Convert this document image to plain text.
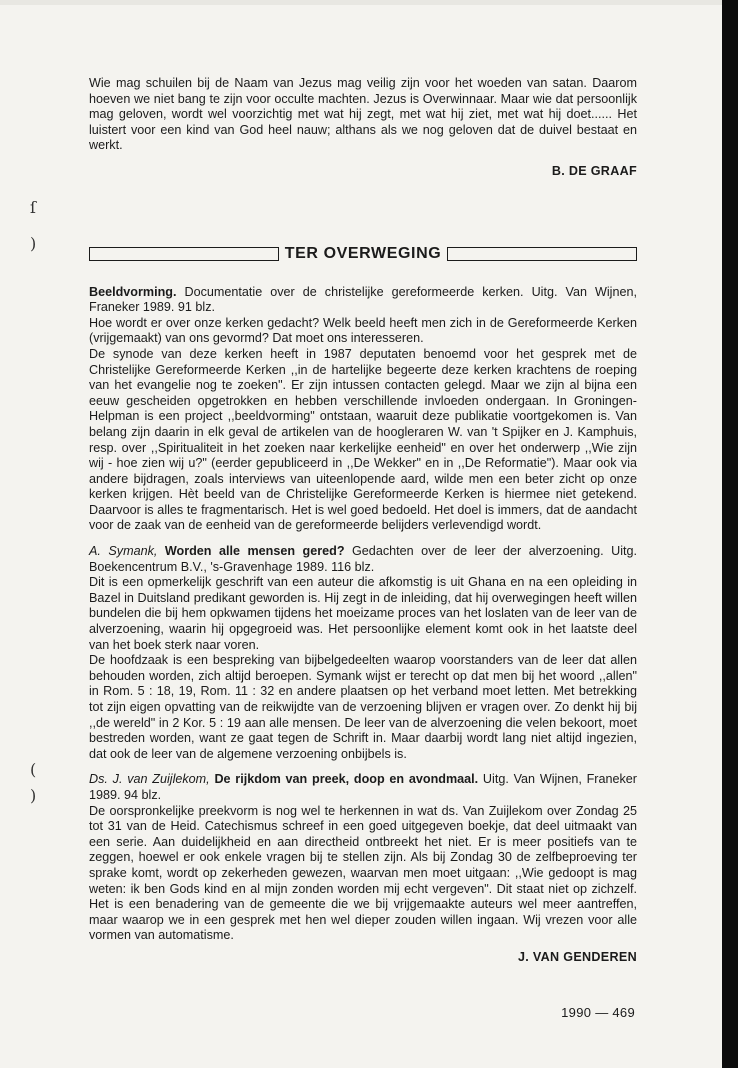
ſ
)
(
)

Wie mag schuilen bij de Naam van Jezus mag veilig zijn voor het woeden van satan. Daarom hoeven we niet bang te zijn voor occulte machten. Jezus is Overwinnaar. Maar wie dat persoonlijk mag geloven, wordt wel voorzichtig met wat hij zegt, met wat hij ziet, met wat hij doet...... Het luistert voor een kind van God heel nauw; althans als we nog geloven dat de duivel bestaat en werkt.

B. DE GRAAF

TER OVERWEGING

Beeldvorming. Documentatie over de christelijke gereformeerde kerken. Uitg. Van Wijnen, Franeker 1989. 91 blz.

Hoe wordt er over onze kerken gedacht? Welk beeld heeft men zich in de Gereformeerde Kerken (vrijgemaakt) van ons gevormd? Dat moet ons interesseren.

De synode van deze kerken heeft in 1987 deputaten benoemd voor het gesprek met de Christelijke Gereformeerde Kerken ,,in de hartelijke begeerte deze kerken krachtens de roeping van het evangelie nog te zoeken". Er zijn intussen contacten gelegd. Maar we zijn al bijna een eeuw gescheiden opgetrokken en hebben verschillende invloeden ondergaan. In Groningen-Helpman is een project ,,beeldvorming" ontstaan, waaruit deze publikatie voortgekomen is. Van belang zijn daarin in elk geval de artikelen van de hoogleraren W. van 't Spijker en J. Kamphuis, resp. over ,,Spiritualiteit in het zoeken naar kerkelijke eenheid" en over het onderwerp ,,Wie zijn wij - hoe zien wij u?" (eerder gepubliceerd in ,,De Wekker" en in ,,De Reformatie"). Maar ook via andere bijdragen, zoals interviews van uiteenlopende aard, wilde men een beter zicht op onze kerken krijgen. Hèt beeld van de Christelijke Gereformeerde Kerken is hiermee niet getekend. Daarvoor is alles te fragmentarisch. Het is wel goed bedoeld. Het doel is immers, dat de aandacht voor de zaak van de eenheid van de gereformeerde belijders verlevendigd wordt.

A. Symank, Worden alle mensen gered? Gedachten over de leer der alverzoening. Uitg. Boekencentrum B.V., 's-Gravenhage 1989. 116 blz.

Dit is een opmerkelijk geschrift van een auteur die afkomstig is uit Ghana en na een opleiding in Bazel in Duitsland predikant geworden is. Hij zegt in de inleiding, dat hij overwegingen heeft willen bundelen die bij hem opkwamen tijdens het moeizame proces van het loslaten van de leer van de alverzoening, waarin hij opgegroeid was. Het persoonlijke element komt ook in het laatste deel van het boek sterk naar voren.

De hoofdzaak is een bespreking van bijbelgedeelten waarop voorstanders van de leer dat allen behouden worden, zich altijd beroepen. Symank wijst er terecht op dat men bij het woord ,,allen" in Rom. 5 : 18, 19, Rom. 11 : 32 en andere plaatsen op het verband moet letten. Met betrekking tot zijn eigen opvatting van de reikwijdte van de verzoening blijven er vragen over. Zo denkt hij bij ,,de wereld" in 2 Kor. 5 : 19 aan alle mensen. De leer van de alverzoening die velen bekoort, moet bestreden worden, want ze gaat tegen de Schrift in. Maar daarbij wordt lang niet altijd ingezien, dat ook de leer van de algemene verzoening onbijbels is.

Ds. J. van Zuijlekom, De rijkdom van preek, doop en avondmaal. Uitg. Van Wijnen, Franeker 1989. 94 blz.

De oorspronkelijke preekvorm is nog wel te herkennen in wat ds. Van Zuijlekom over Zondag 25 tot 31 van de Heid. Catechismus schreef in een goed uitgegeven boekje, dat deel uitmaakt van een serie. Aan duidelijkheid en aan directheid ontbreekt het niet. Er is meer positiefs van te zeggen, hoewel er ook enkele vragen bij te stellen zijn. Als bij Zondag 30 de zelfbeproeving ter sprake komt, wordt op zekerheden gewezen, waarvan men moet uitgaan: ,,Wie gedoopt is mag weten: ik ben Gods kind en al mijn zonden worden mij echt vergeven". Dit staat niet op zichzelf. Het is een benadering van de gemeente die we bij vrijgemaakte auteurs wel meer aantreffen, maar waarop we in een gesprek met hen wel dieper zouden willen ingaan. Wij vrezen voor alle vormen van automatisme.

J. VAN GENDEREN

1990 — 469
